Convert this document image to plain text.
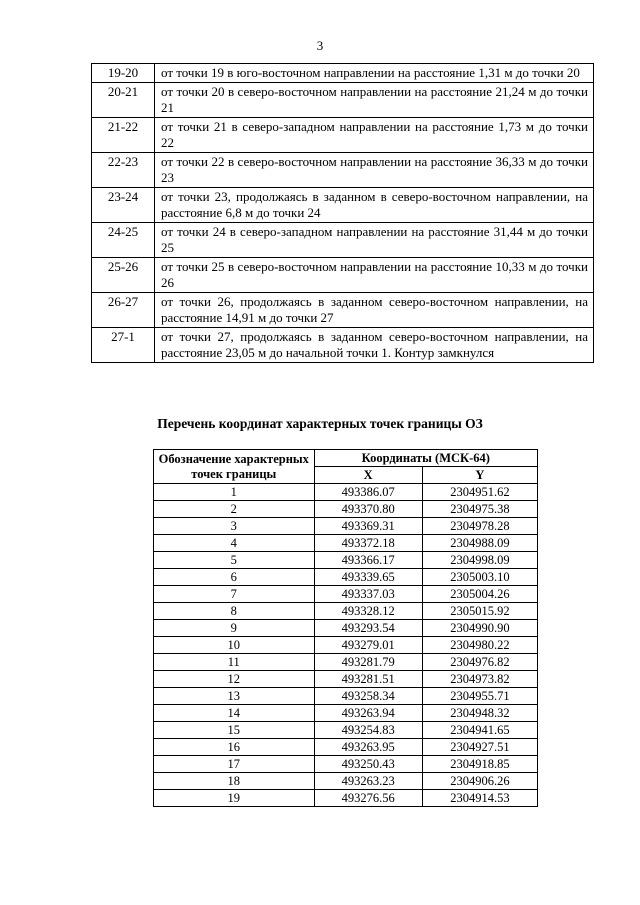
3
19-20	от точки 19 в юго-восточном направлении на расстояние 1,31 м до точки 20
20-21	от точки 20 в северо-восточном направлении на расстояние 21,24 м до точки 21
21-22	от точки 21 в северо-западном направлении на расстояние 1,73 м до точки 22
22-23	от точки 22 в северо-восточном направлении на расстояние 36,33 м до точки 23
23-24	от точки 23, продолжаясь в заданном в северо-восточном направлении, на расстояние 6,8 м до точки 24
24-25	от точки 24 в северо-западном направлении на расстояние 31,44 м до точки 25
25-26	от точки 25 в северо-восточном направлении на расстояние 10,33 м до точки 26
26-27	от точки 26, продолжаясь в заданном северо-восточном направлении, на расстояние 14,91 м до точки 27
27-1	от точки 27, продолжаясь в заданном северо-восточном направлении, на расстояние 23,05 м до начальной точки 1. Контур замкнулся
Перечень координат характерных точек границы ОЗ
Обозначение характерных точек границы	Координаты (МСК-64)	
	X	Y
1	493386.07	2304951.62
2	493370.80	2304975.38
3	493369.31	2304978.28
4	493372.18	2304988.09
5	493366.17	2304998.09
6	493339.65	2305003.10
7	493337.03	2305004.26
8	493328.12	2305015.92
9	493293.54	2304990.90
10	493279.01	2304980.22
11	493281.79	2304976.82
12	493281.51	2304973.82
13	493258.34	2304955.71
14	493263.94	2304948.32
15	493254.83	2304941.65
16	493263.95	2304927.51
17	493250.43	2304918.85
18	493263.23	2304906.26
19	493276.56	2304914.53
